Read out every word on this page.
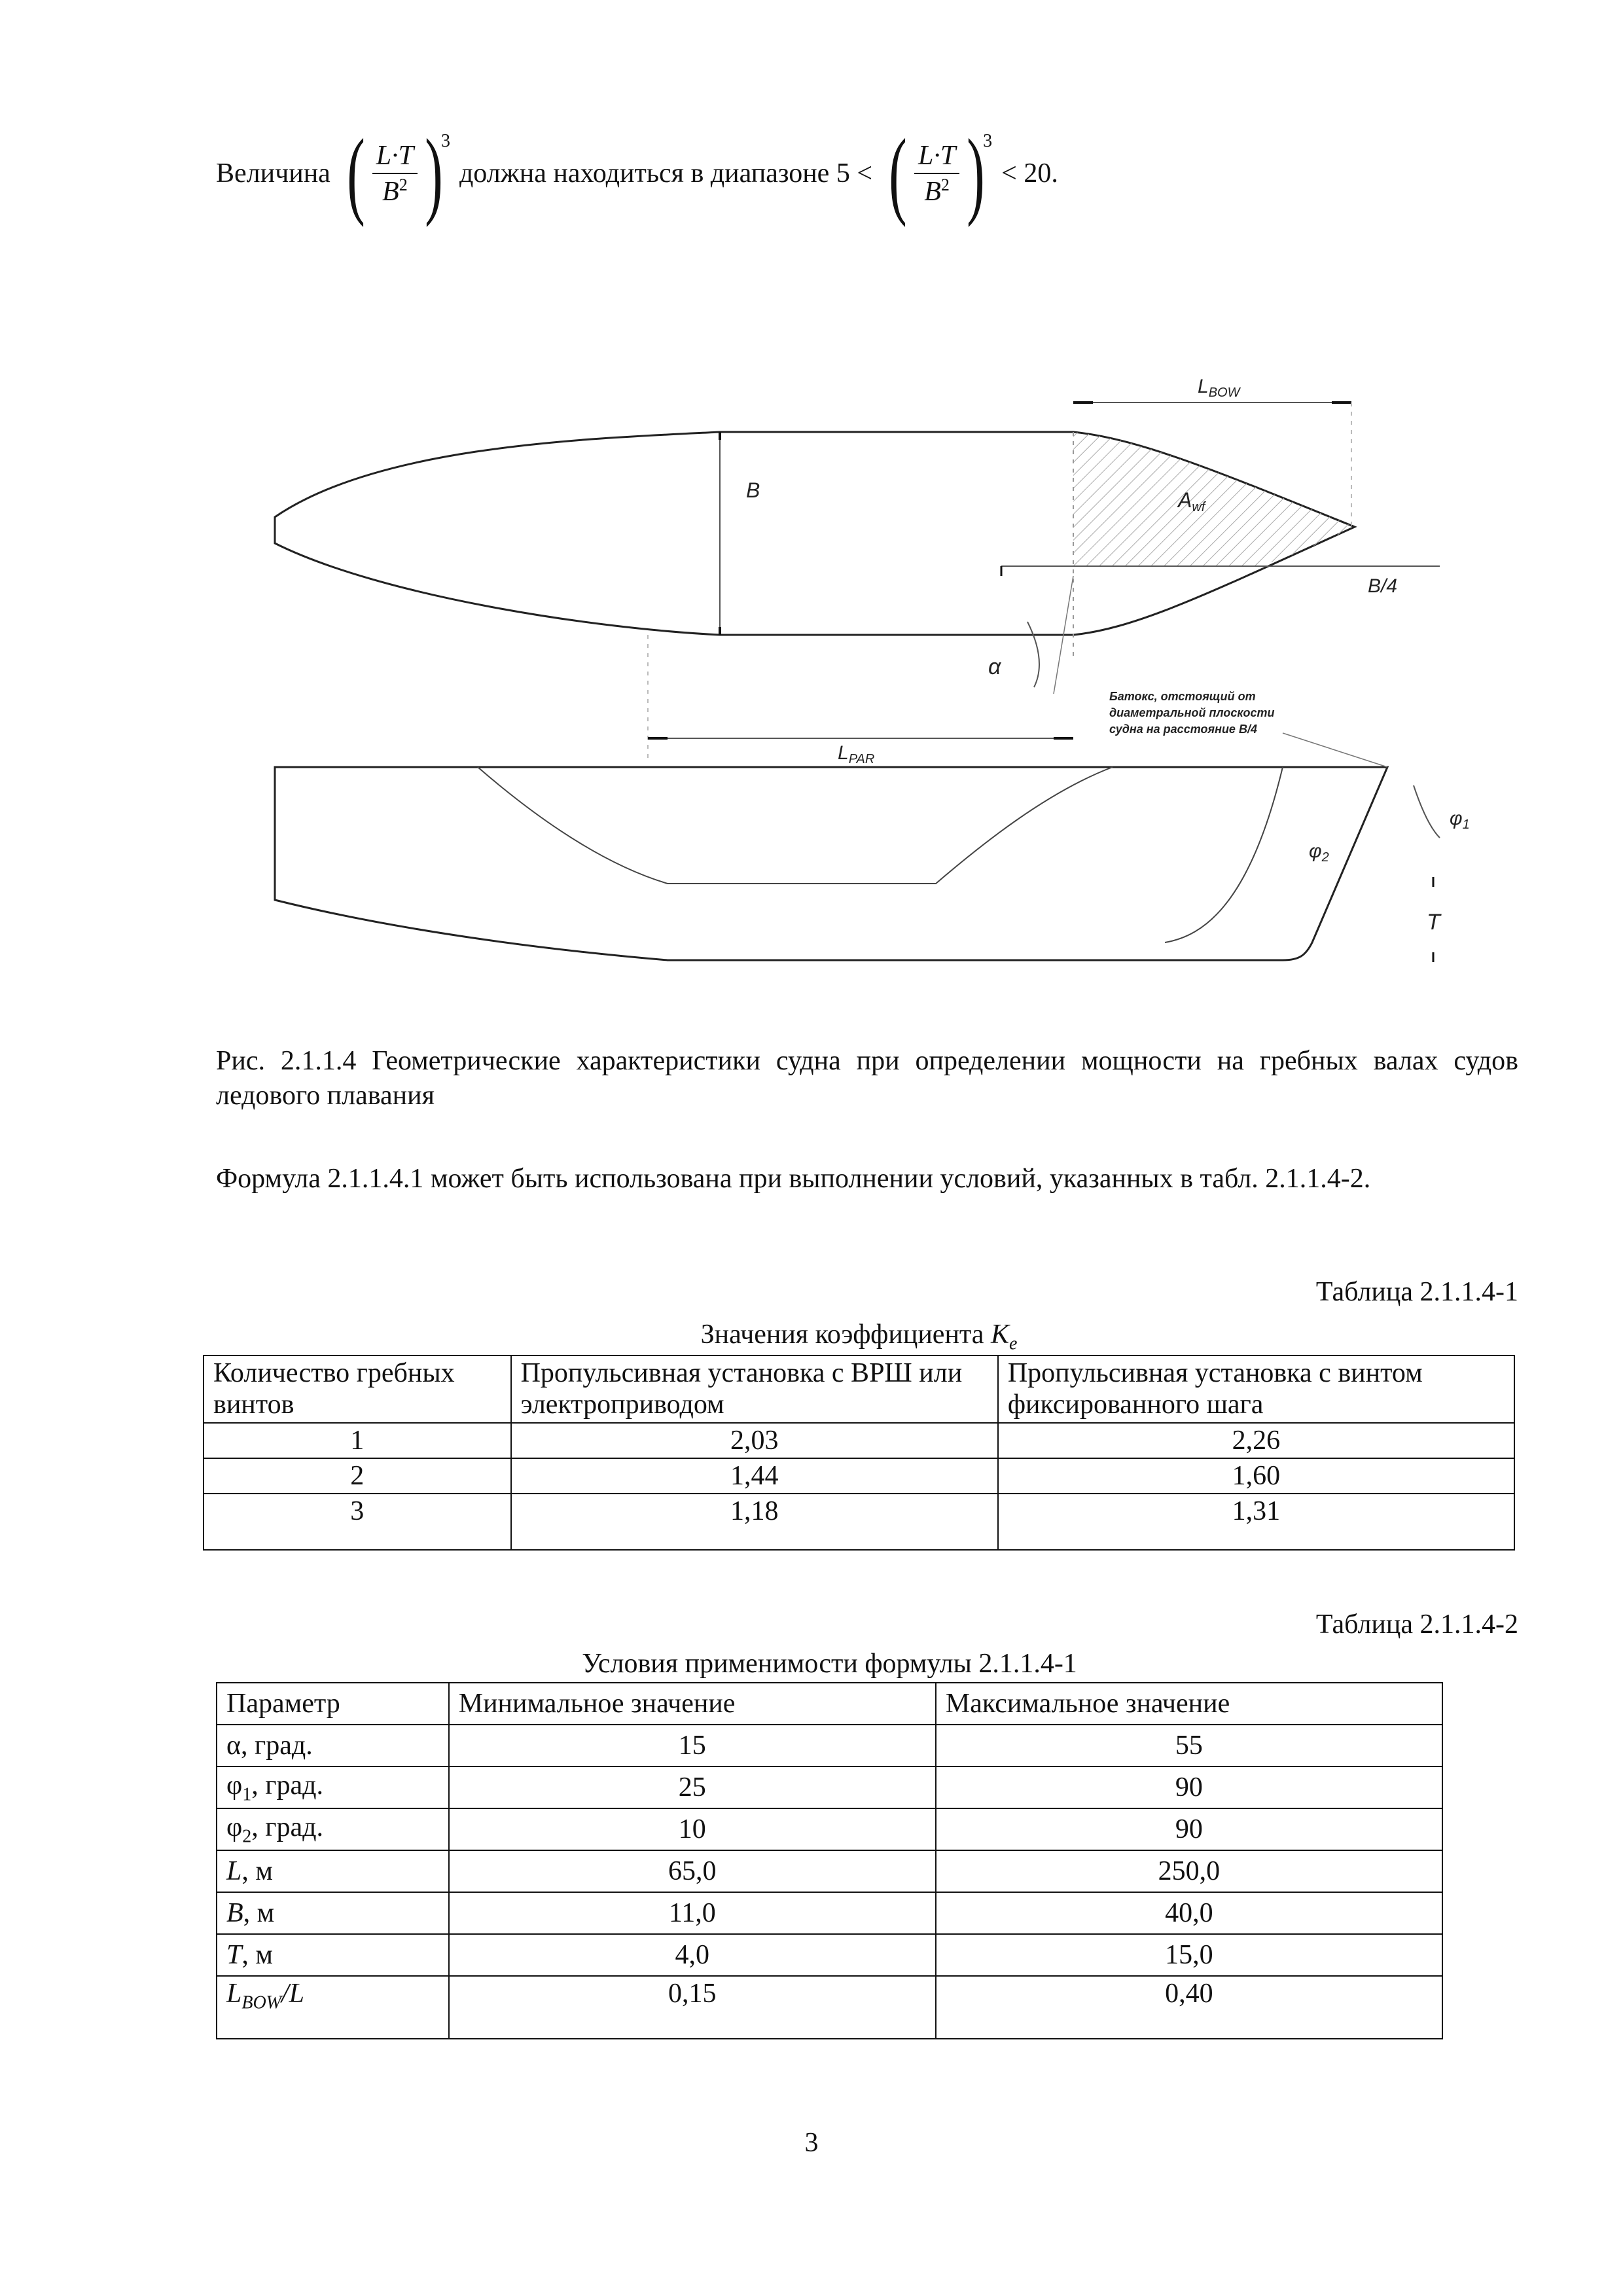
Величина ( $\frac{L\cdot T}{B^2}$ )
3
должна находиться в диапазоне 5 < ( $\frac{L\cdot T}{B^2}$ )
3
< 20.
$L_{BOW}$
B	Awf
B/4
α
$L_{PAR}$
$\varphi_1$
$\varphi_2$
T
Батокс, отстоящий от диаметральной плоскости судна на расстояние B/4
Рис. 2.1.1.4 Геометрические характеристики судна при определении мощности на гребных валах судов ледового плавания
Формула 2.1.1.4.1 может быть использована при выполнении условий, указанных в табл. 2.1.1.4-2.
Таблица 2.1.1.4-1
Значения коэффициента $K_e$
Количество гребных винтов	Пропульсивная установка с ВРШ или электроприводом	Пропульсивная установка с винтом фиксированного шага
1	2,03	2,26
2	1,44	1,60
3	1,18	1,31
Таблица 2.1.1.4-2
Условия применимости формулы 2.1.1.4-1
Параметр	Минимальное значение	Максимальное значение
α, град.	15	55
$\varphi_1$, град.	25	90
$\varphi_2$, град.	10	90
L, м	65,0	250,0
B, м	11,0	40,0
T, м	4,0	15,0
$L_{BOW}/L$	0,15	0,40
3
